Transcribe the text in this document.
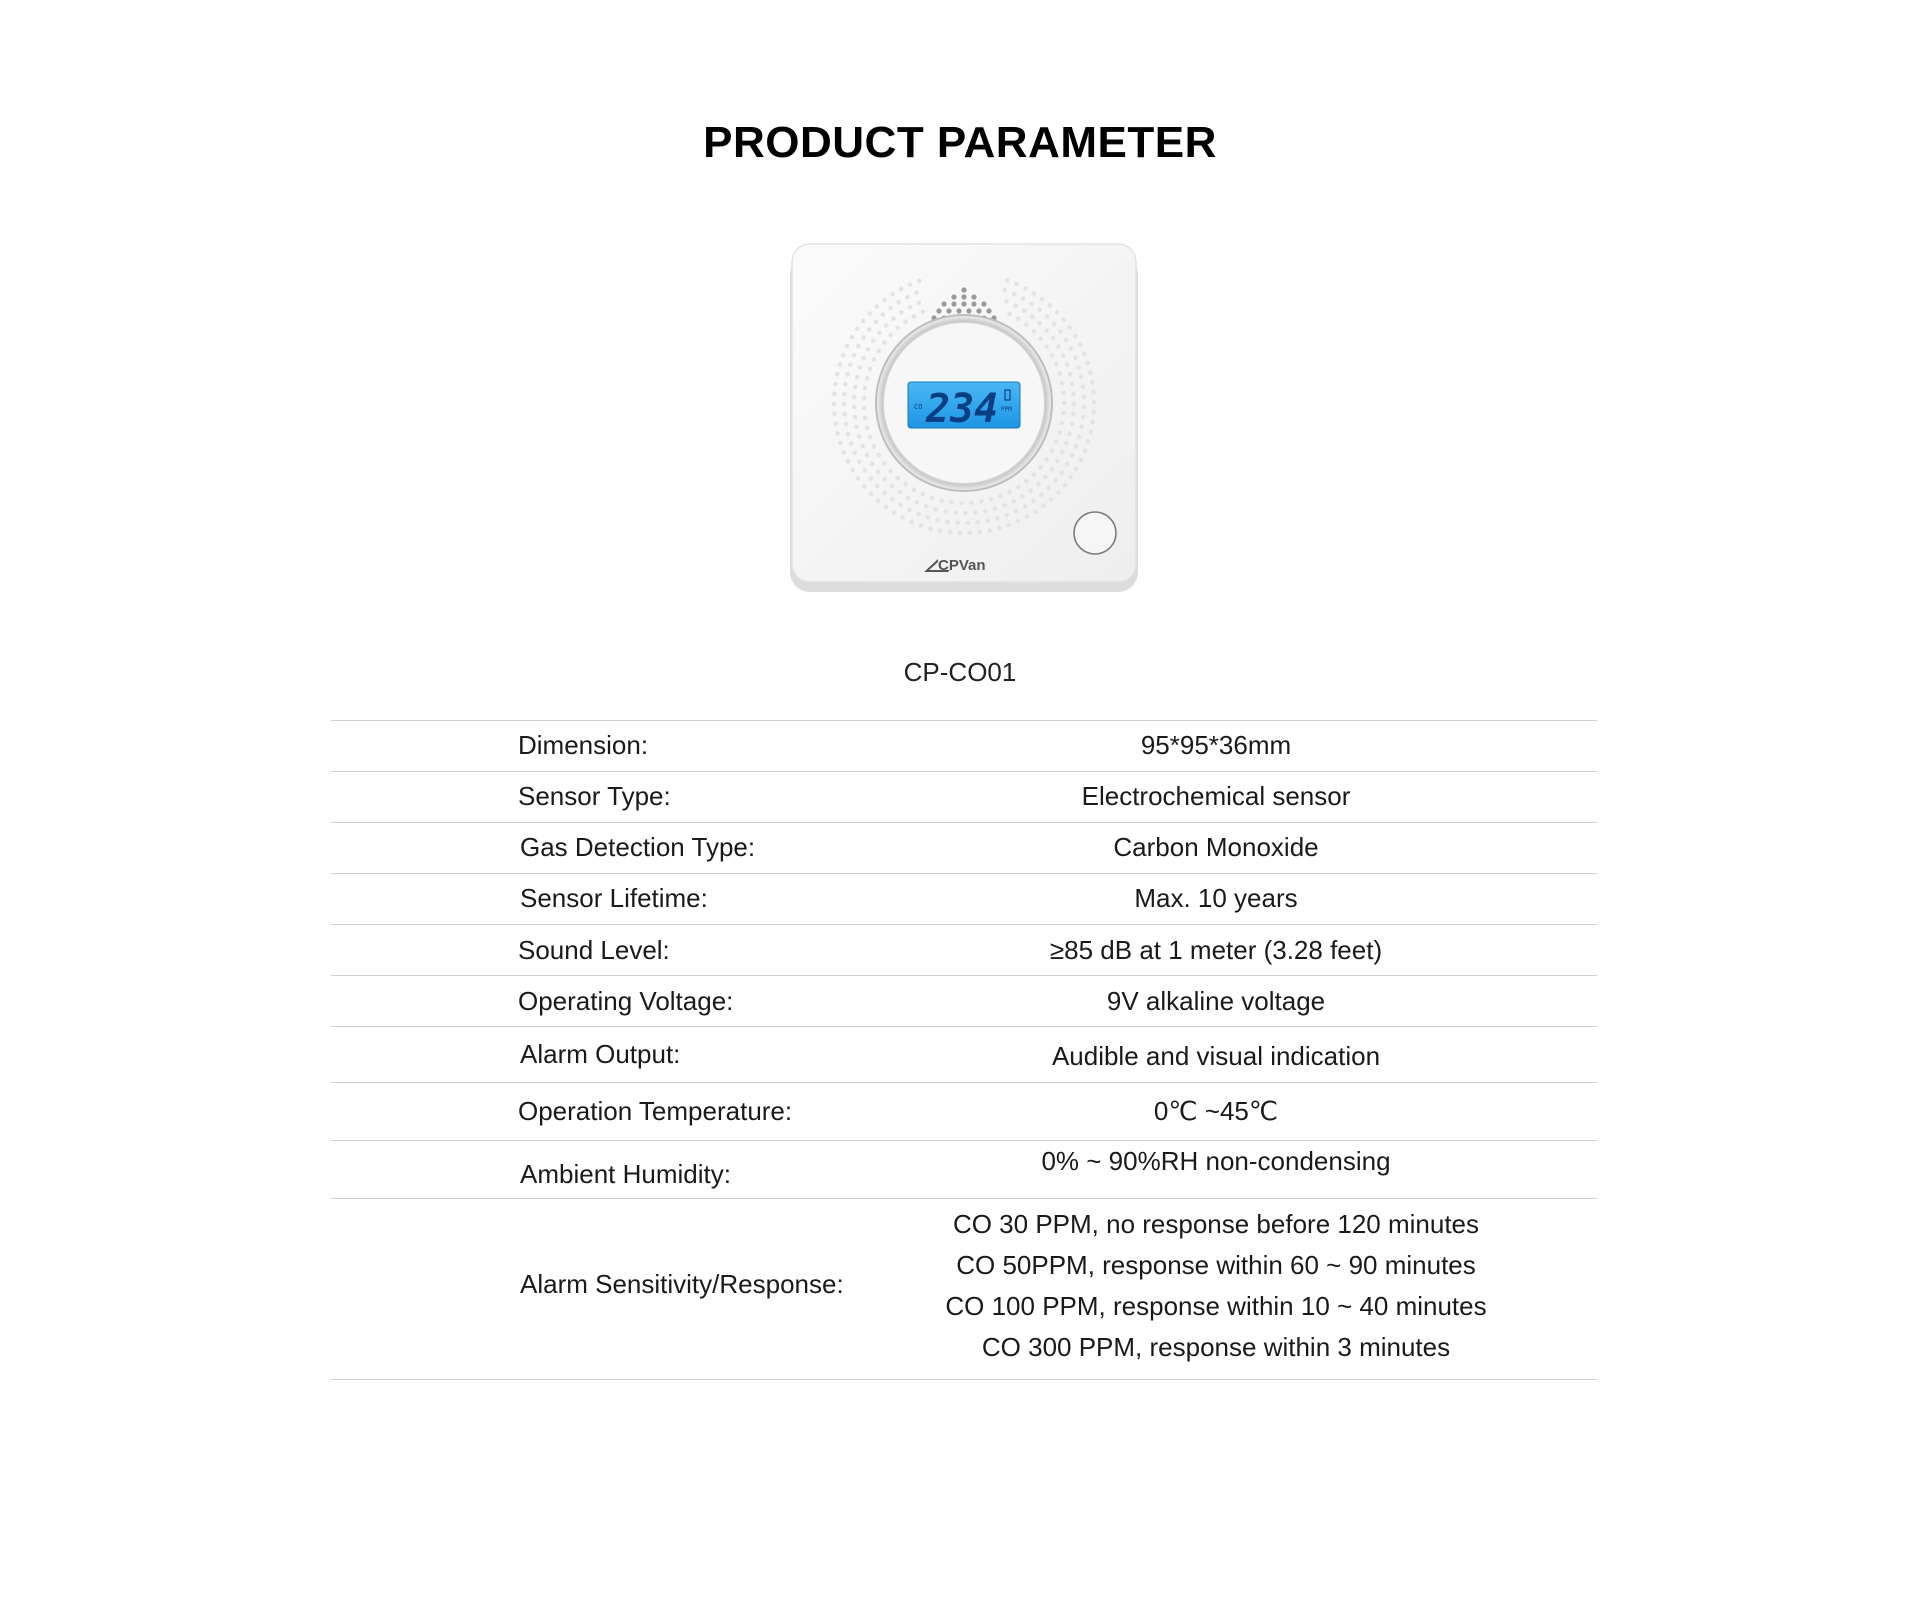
PRODUCT PARAMETER
CO 234 PPM
CPVan
CP-CO01
Dimension:	95*95*36mm
Sensor Type:	Electrochemical sensor
Gas Detection Type:	Carbon Monoxide
Sensor Lifetime:	Max. 10 years
Sound Level:	≥85 dB at 1 meter (3.28 feet)
Operating Voltage:	9V alkaline voltage
Alarm Output:	Audible and visual indication
Operation Temperature:	0℃ ~45℃
Ambient Humidity:	0% ~ 90%RH non-condensing
Alarm Sensitivity/Response:
CO 30 PPM, no response before 120 minutes
CO 50PPM, response within 60 ~ 90 minutes
CO 100 PPM, response within 10 ~ 40 minutes
CO 300 PPM, response within 3 minutes
